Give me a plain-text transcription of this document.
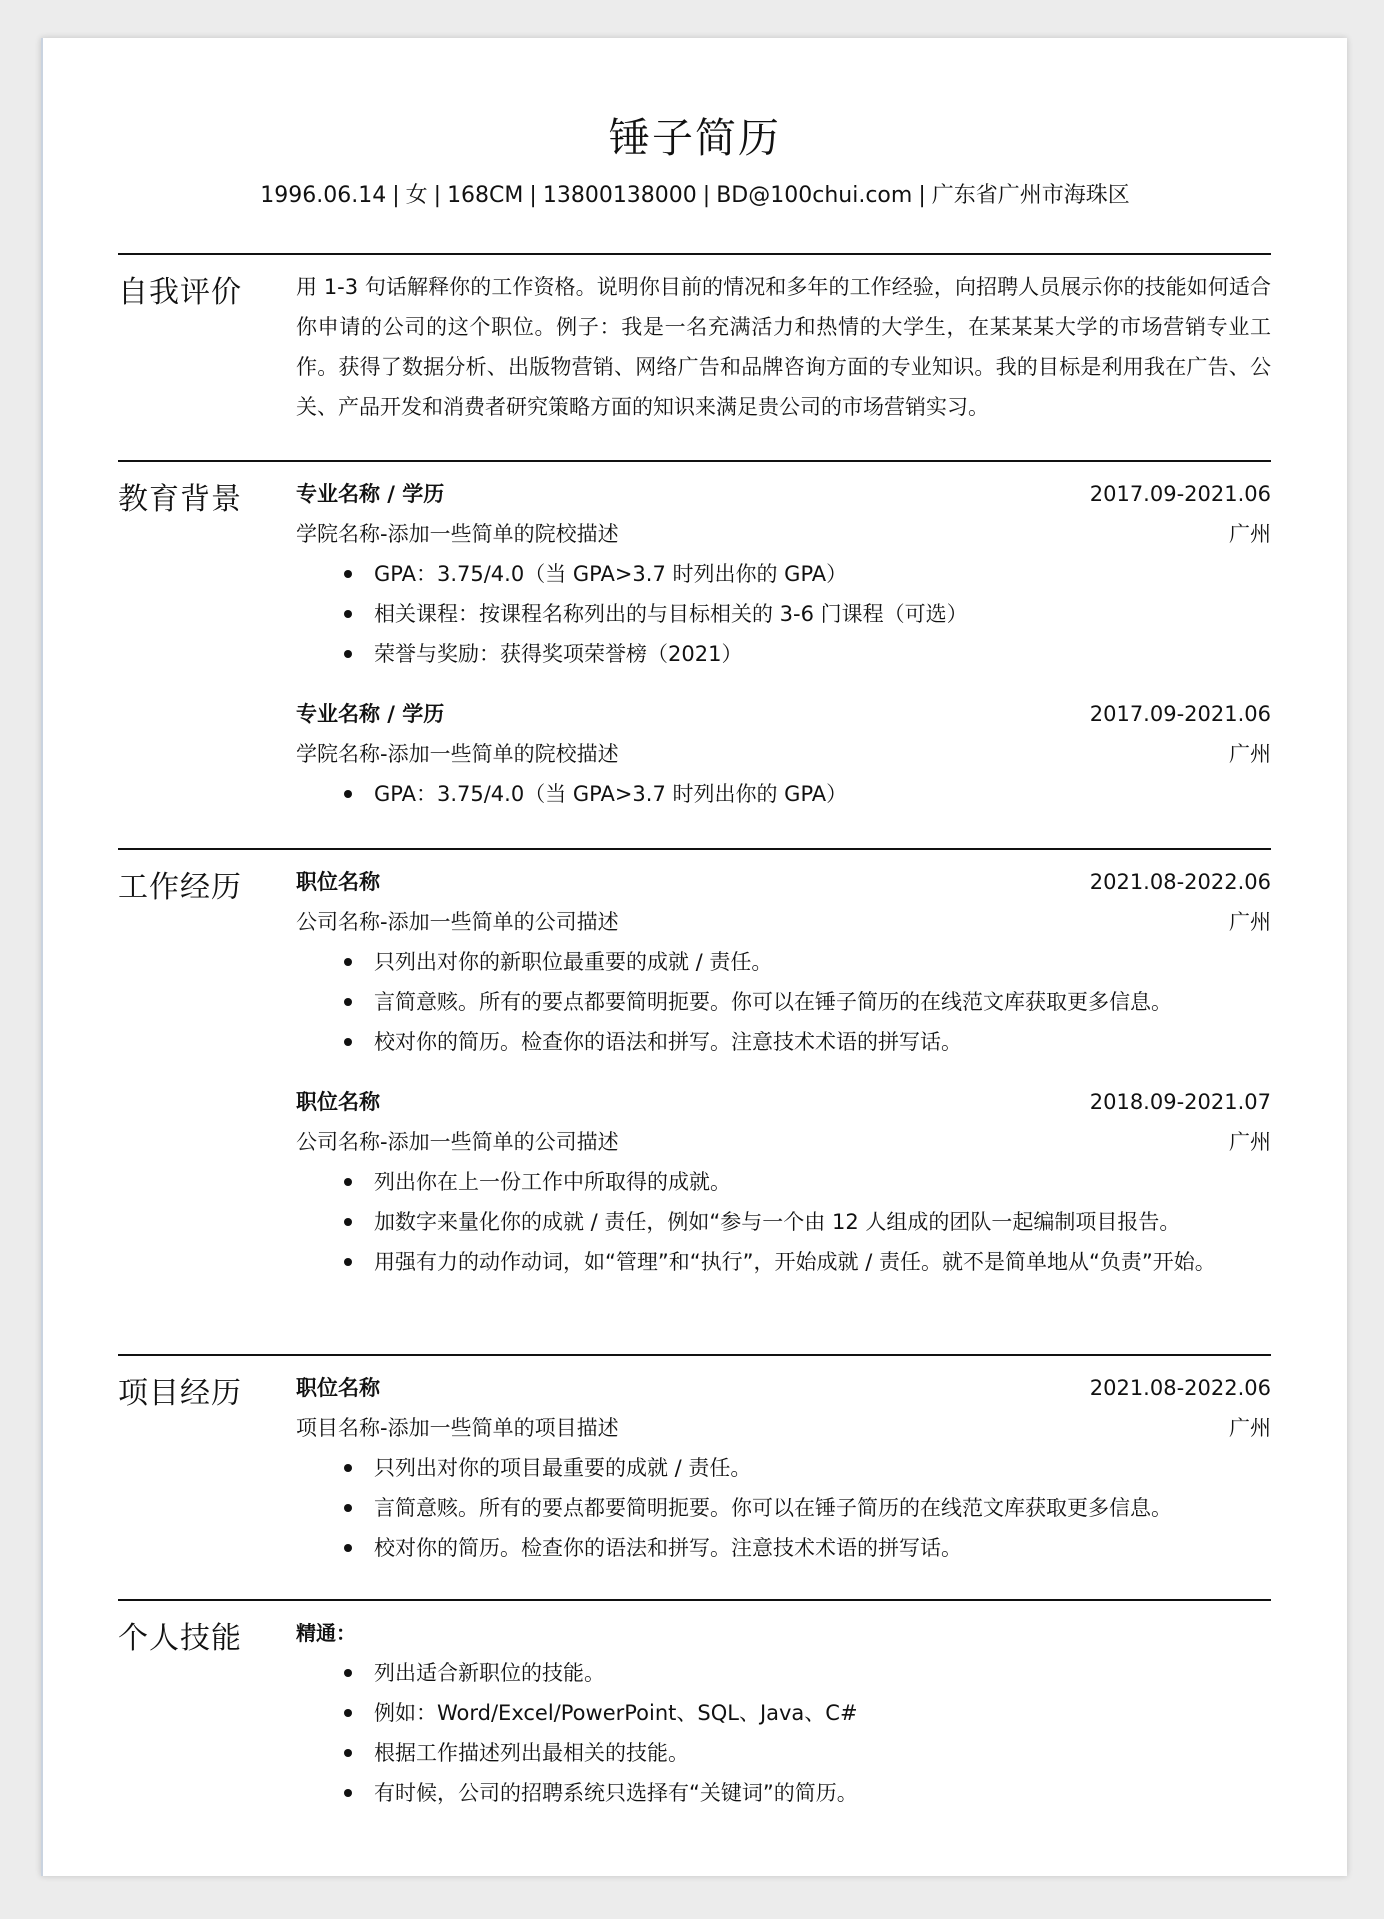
锤子简历
1996.06.14 | 女 | 168CM | 13800138000 | BD@100chui.com | 广东省广州市海珠区
自我评价	用 1-3 句话解释你的工作资格。说明你目前的情况和多年的工作经验，向招聘人员展示你的技能如何适合你申请的公司的这个职位。例子：我是一名充满活力和热情的大学生，在某某某大学的市场营销专业工作。获得了数据分析、出版物营销、网络广告和品牌咨询方面的专业知识。我的目标是利用我在广告、公关、产品开发和消费者研究策略方面的知识来满足贵公司的市场营销实习。

教育背景	专业名称 / 学历	2017.09-2021.06
学院名称-添加一些简单的院校描述	广州
GPA：3.75/4.0（当 GPA>3.7 时列出你的 GPA）
相关课程：按课程名称列出的与目标相关的 3-6 门课程（可选）
荣誉与奖励：获得奖项荣誉榜（2021）
专业名称 / 学历	2017.09-2021.06
学院名称-添加一些简单的院校描述	广州
GPA：3.75/4.0（当 GPA>3.7 时列出你的 GPA）
工作经历	职位名称	2021.08-2022.06
公司名称-添加一些简单的公司描述	广州
只列出对你的新职位最重要的成就 / 责任。
言简意赅。所有的要点都要简明扼要。你可以在锤子简历的在线范文库获取更多信息。
校对你的简历。检查你的语法和拼写。注意技术术语的拼写话。
职位名称	2018.09-2021.07
公司名称-添加一些简单的公司描述	广州
列出你在上一份工作中所取得的成就。
加数字来量化你的成就 / 责任，例如“参与一个由 12 人组成的团队一起编制项目报告。
用强有力的动作动词，如“管理”和“执行”，开始成就 / 责任。就不是简单地从“负责”开始。
项目经历	职位名称	2021.08-2022.06
项目名称-添加一些简单的项目描述	广州
只列出对你的项目最重要的成就 / 责任。
言简意赅。所有的要点都要简明扼要。你可以在锤子简历的在线范文库获取更多信息。
校对你的简历。检查你的语法和拼写。注意技术术语的拼写话。
个人技能	精通：
列出适合新职位的技能。
例如：Word/Excel/PowerPoint、SQL、Java、C#
根据工作描述列出最相关的技能。
有时候，公司的招聘系统只选择有“关键词”的简历。
